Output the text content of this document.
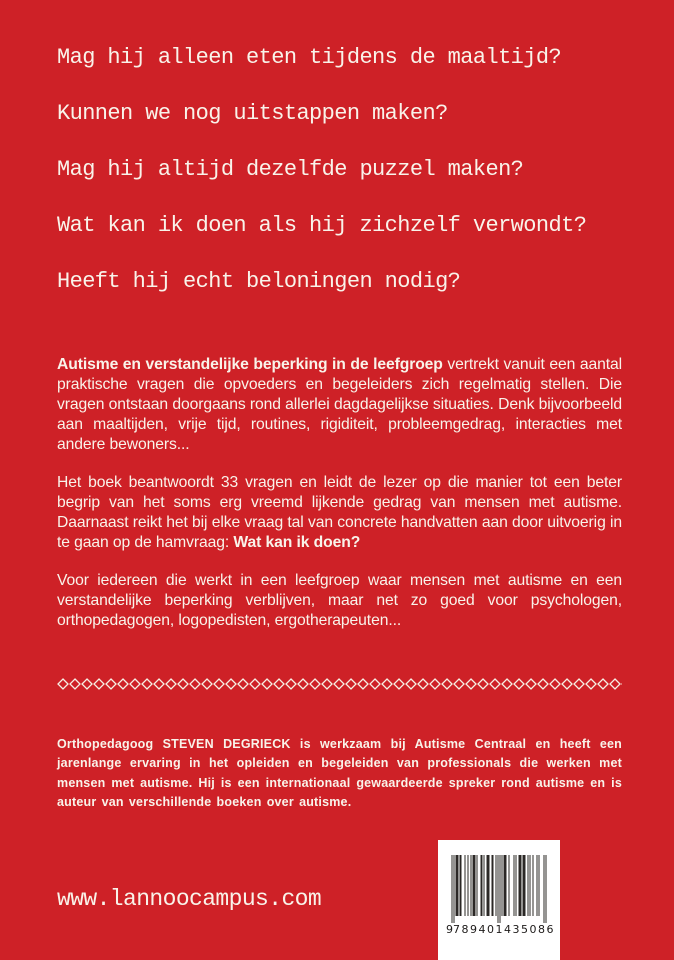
Mag hij alleen eten tijdens de maaltijd?
Kunnen we nog uitstappen maken?
Mag hij altijd dezelfde puzzel maken?
Wat kan ik doen als hij zichzelf verwondt?
Heeft hij echt beloningen nodig?

Autisme en verstandelijke beperking in de leefgroep vertrekt vanuit een aantal praktische vragen die opvoeders en begeleiders zich regelmatig stellen. Die vragen ontstaan doorgaans rond allerlei dagdagelijkse situaties. Denk bijvoorbeeld aan maaltijden, vrije tijd, routines, rigiditeit, probleemgedrag, interacties met andere bewoners...

Het boek beantwoordt 33 vragen en leidt de lezer op die manier tot een beter begrip van het soms erg vreemd lijkende gedrag van mensen met autisme. Daarnaast reikt het bij elke vraag tal van concrete handvatten aan door uitvoerig in te gaan op de hamvraag: Wat kan ik doen?

Voor iedereen die werkt in een leefgroep waar mensen met autisme en een verstandelijke beperking verblijven, maar net zo goed voor psychologen, orthopedagogen, logopedisten, ergotherapeuten...

Orthopedagoog STEVEN DEGRIECK is werkzaam bij Autisme Centraal en heeft een jarenlange ervaring in het opleiden en begeleiden van professionals die werken met mensen met autisme. Hij is een internationaal gewaardeerde spreker rond autisme en is auteur van verschillende boeken over autisme.

www.lannoocampus.com
9 789401 435086
